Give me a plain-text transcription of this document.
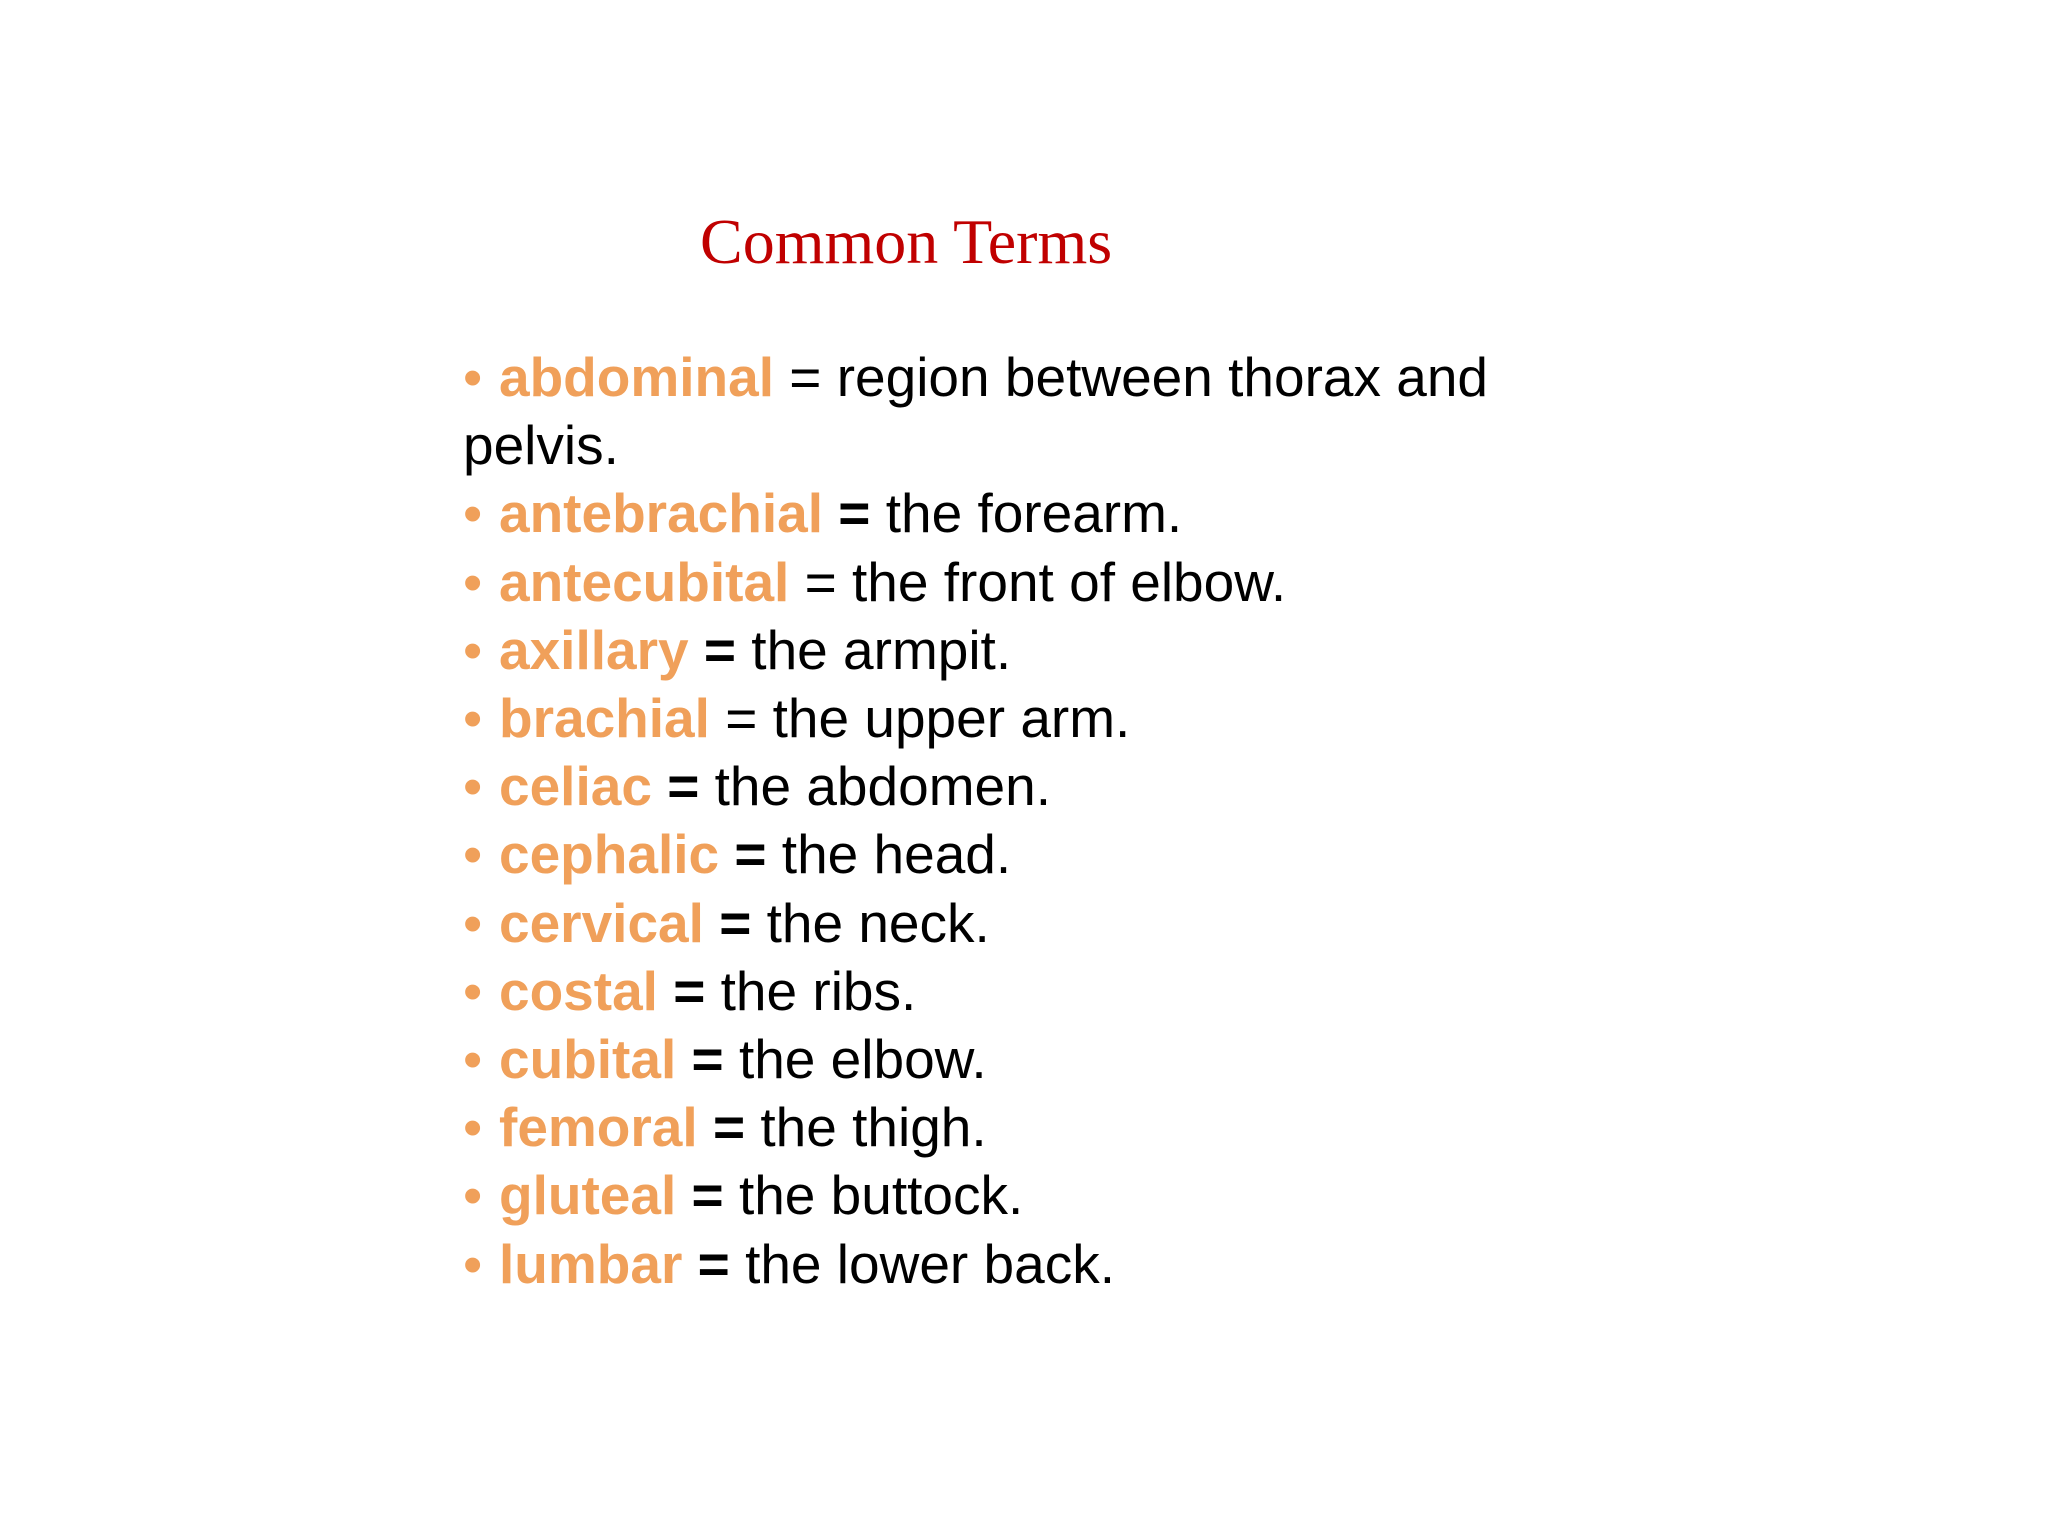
Common Terms
• abdominal = region between thorax and pelvis.
• antebrachial = the forearm.
• antecubital = the front of elbow.
• axillary = the armpit.
• brachial = the upper arm.
• celiac = the abdomen.
• cephalic = the head.
• cervical = the neck.
• costal = the ribs.
• cubital = the elbow.
• femoral = the thigh.
• gluteal = the buttock.
• lumbar = the lower back.
